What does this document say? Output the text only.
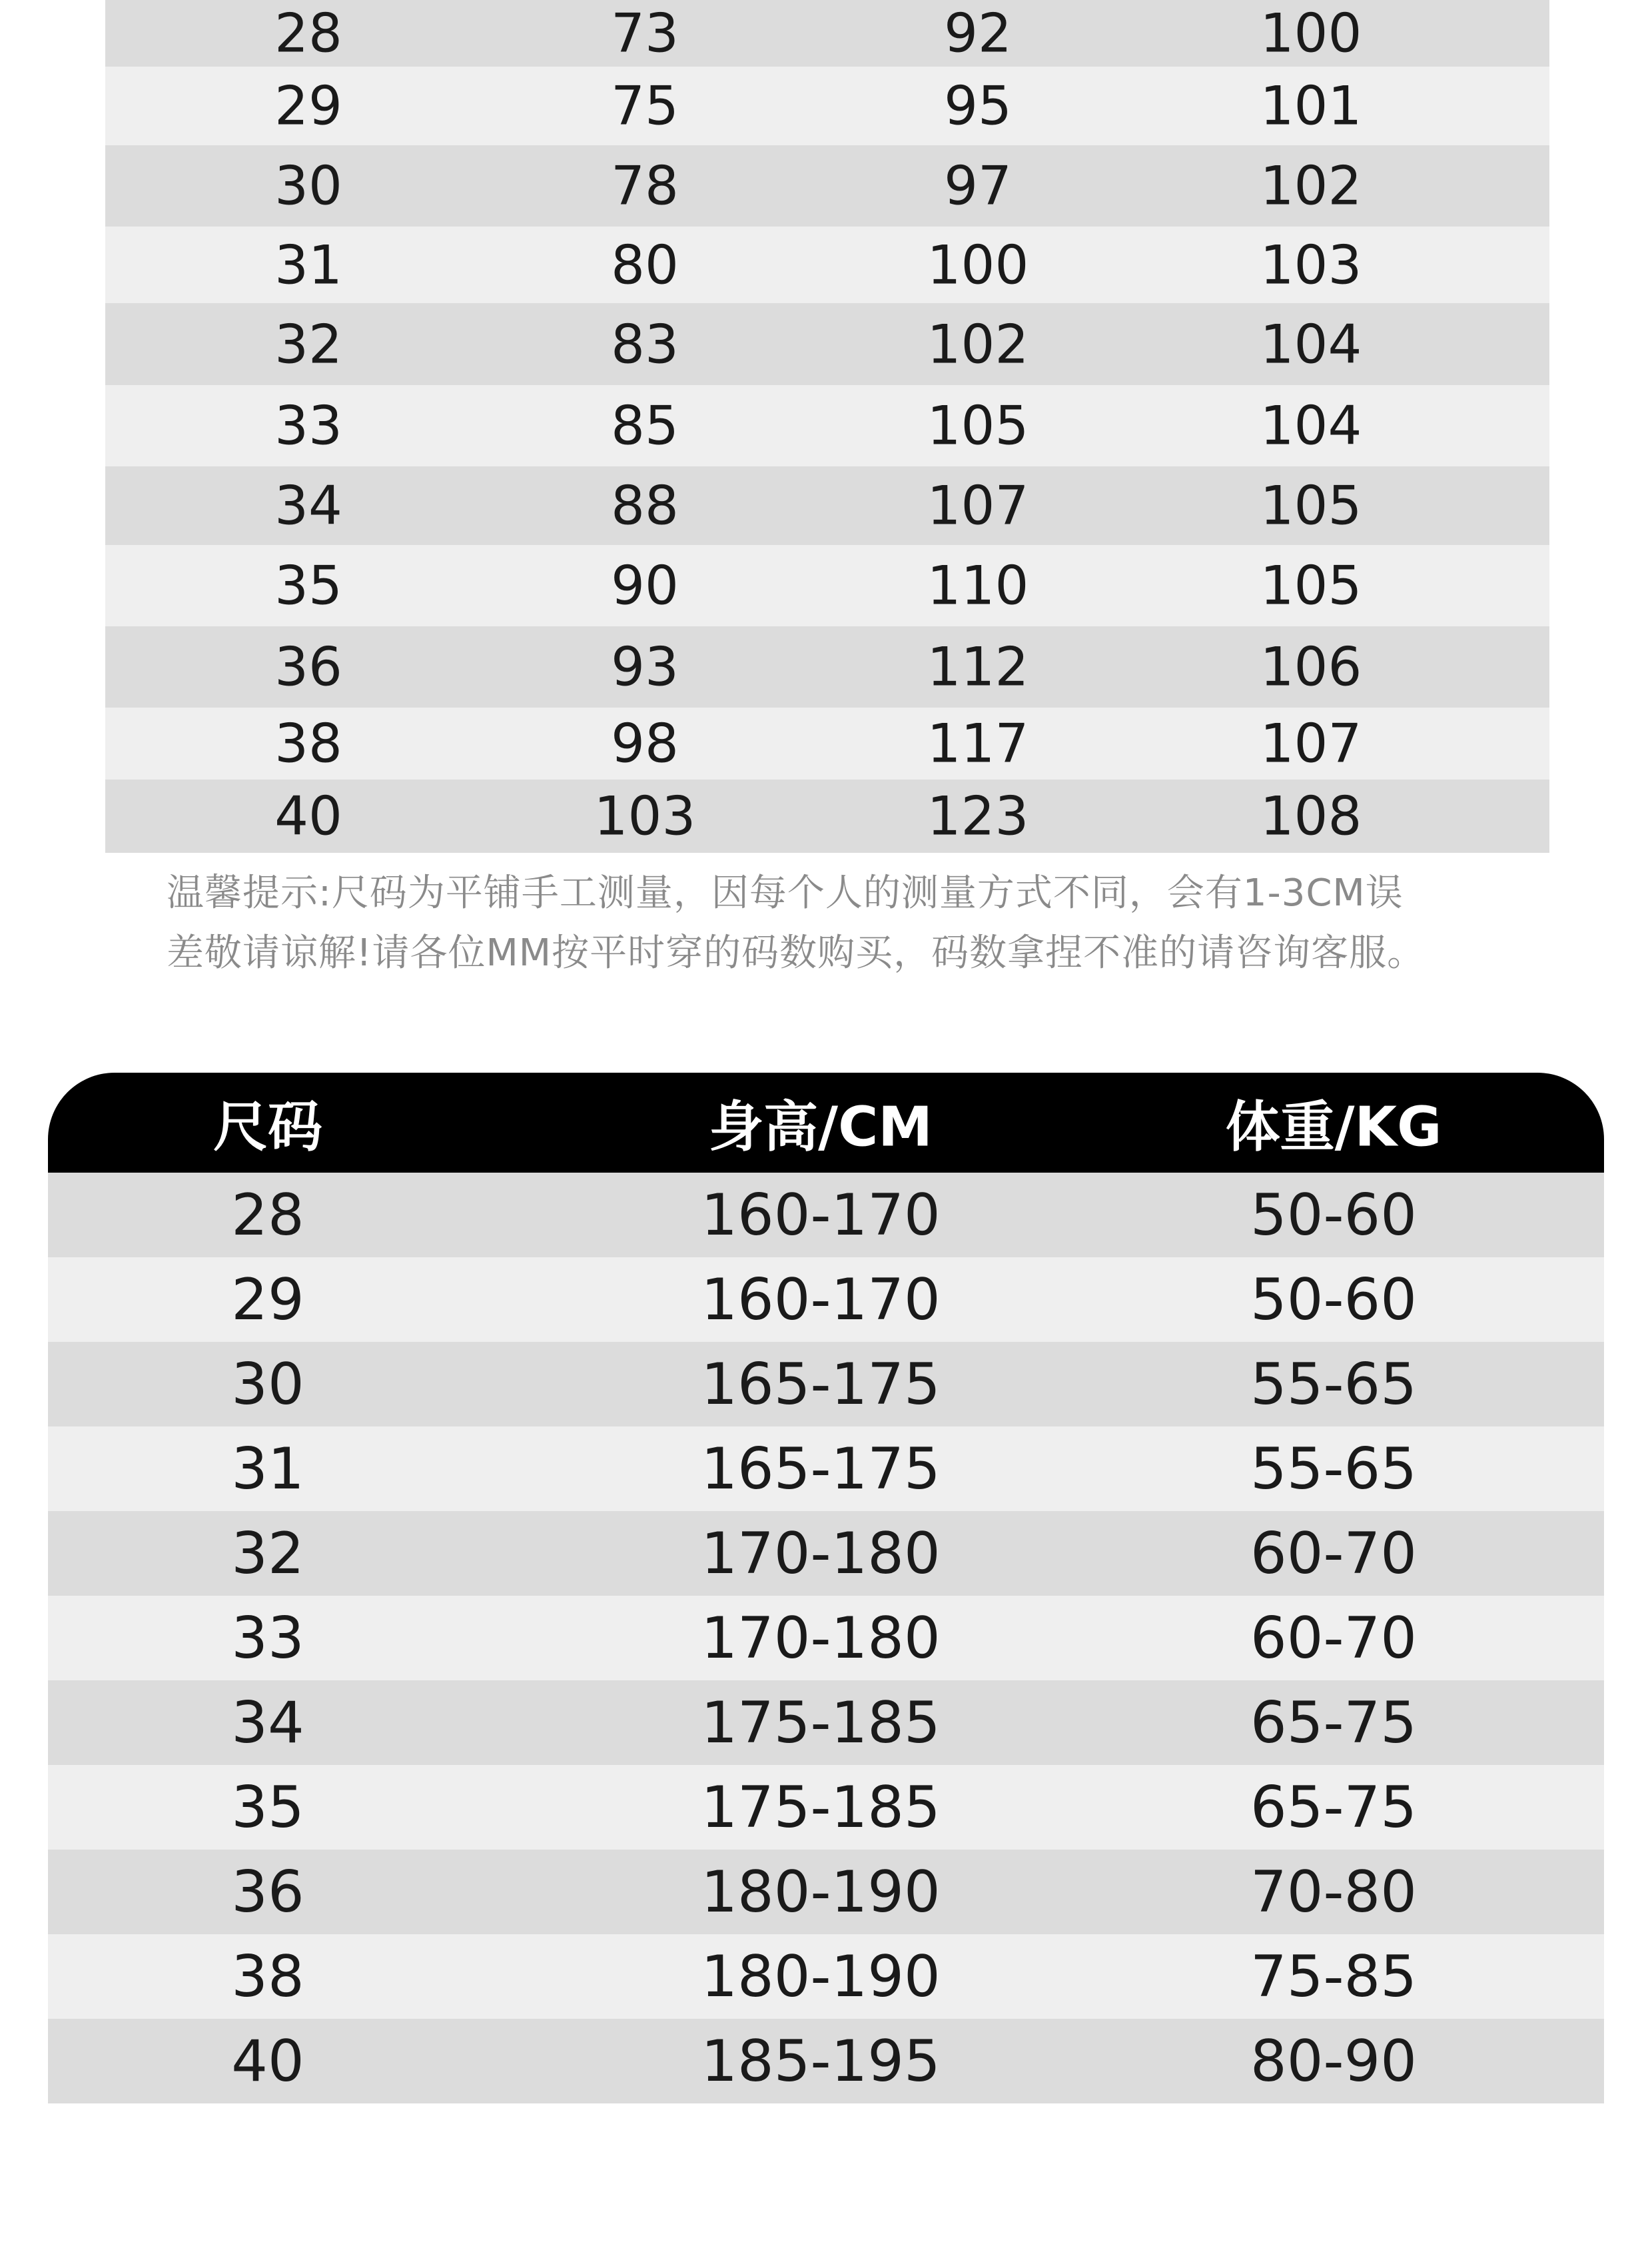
28	73	92	100
29	75	95	101
30	78	97	102
31	80	100	103
32	83	102	104
33	85	105	104
34	88	107	105
35	90	110	105
36	93	112	106
38	98	117	107
40	103	123	108
温馨提示:尺码为平铺手工测量，因每个人的测量方式不同，会有1-3CM误
差敬请谅解!请各位MM按平时穿的码数购买，码数拿捏不准的请咨询客服。
尺码	身高/CM	体重/KG
28	160-170	50-60
29	160-170	50-60
30	165-175	55-65
31	165-175	55-65
32	170-180	60-70
33	170-180	60-70
34	175-185	65-75
35	175-185	65-75
36	180-190	70-80
38	180-190	75-85
40	185-195	80-90
